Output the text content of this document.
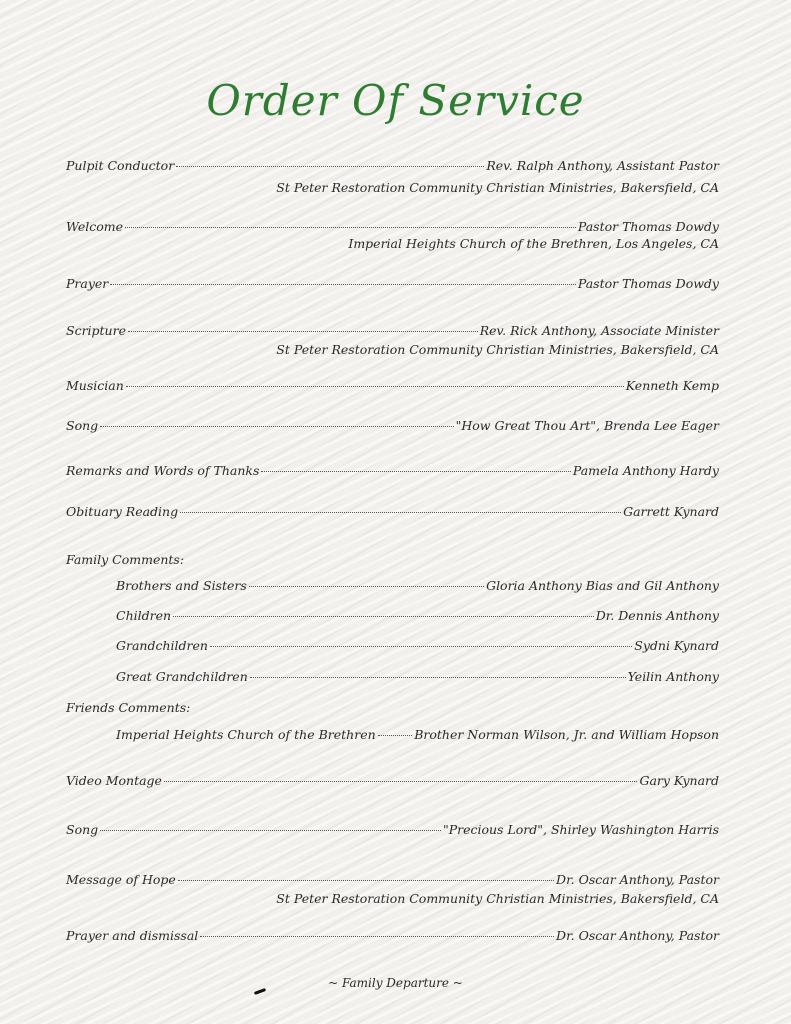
Order Of Service
Pulpit Conductor	Rev. Ralph Anthony, Assistant Pastor
St Peter Restoration Community Christian Ministries, Bakersfield, CA
Welcome	Pastor Thomas Dowdy
Imperial Heights Church of the Brethren, Los Angeles, CA
Prayer	Pastor Thomas Dowdy
Scripture	Rev. Rick Anthony, Associate Minister
St Peter Restoration Community Christian Ministries, Bakersfield, CA
Musician	Kenneth Kemp
Song	"How Great Thou Art", Brenda Lee Eager
Remarks and Words of Thanks	Pamela Anthony Hardy
Obituary Reading	Garrett Kynard
Family Comments:
Brothers and Sisters	Gloria Anthony Bias and Gil Anthony
Children	Dr. Dennis Anthony
Grandchildren	Sydni Kynard
Great Grandchildren	Yeilin Anthony
Friends Comments:
Imperial Heights Church of the Brethren	Brother Norman Wilson, Jr. and William Hopson
Video Montage	Gary Kynard
Song	"Precious Lord", Shirley Washington Harris
Message of Hope	Dr. Oscar Anthony, Pastor
St Peter Restoration Community Christian Ministries, Bakersfield, CA
Prayer and dismissal	Dr. Oscar Anthony, Pastor
~ Family Departure ~
